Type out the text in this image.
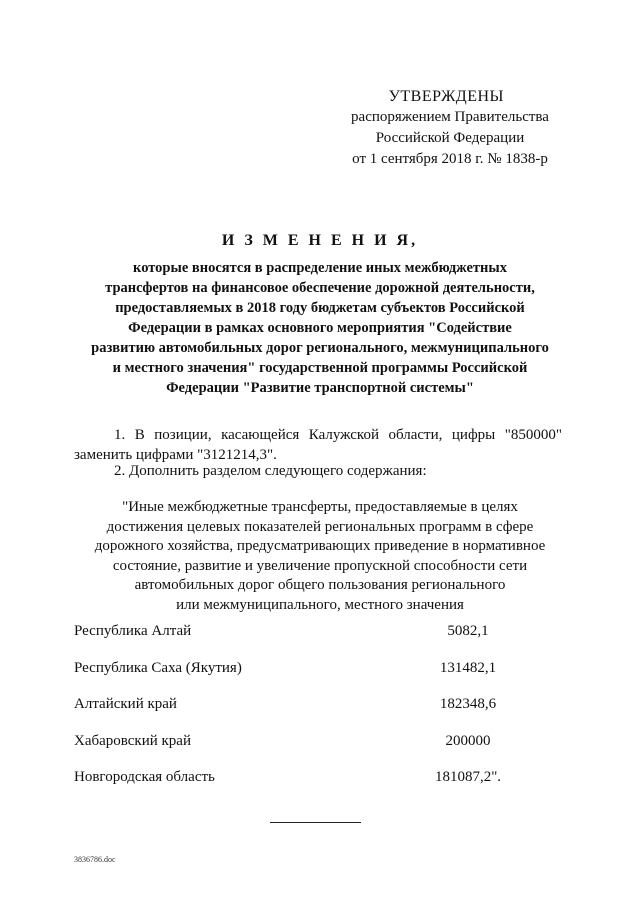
УТВЕРЖДЕНЫ
распоряжением Правительства
Российской Федерации
от 1 сентября 2018 г. № 1838-р
И З М Е Н Е Н И Я,
которые вносятся в распределение иных межбюджетных
трансфертов на финансовое обеспечение дорожной деятельности,
предоставляемых в 2018 году бюджетам субъектов Российской
Федерации в рамках основного мероприятия "Содействие
развитию автомобильных дорог регионального, межмуниципального
и местного значения" государственной программы Российской
Федерации "Развитие транспортной системы"
1. В позиции, касающейся Калужской области, цифры "850000"
заменить цифрами "3121214,3".
2. Дополнить разделом следующего содержания:
"Иные межбюджетные трансферты, предоставляемые в целях
достижения целевых показателей региональных программ в сфере
дорожного хозяйства, предусматривающих приведение в нормативное
состояние, развитие и увеличение пропускной способности сети
автомобильных дорог общего пользования регионального
или межмуниципального, местного значения
Республика Алтай	5082,1
Республика Саха (Якутия)	131482,1
Алтайский край	182348,6
Хабаровский край	200000
Новгородская область	181087,2".
3836786.doc
